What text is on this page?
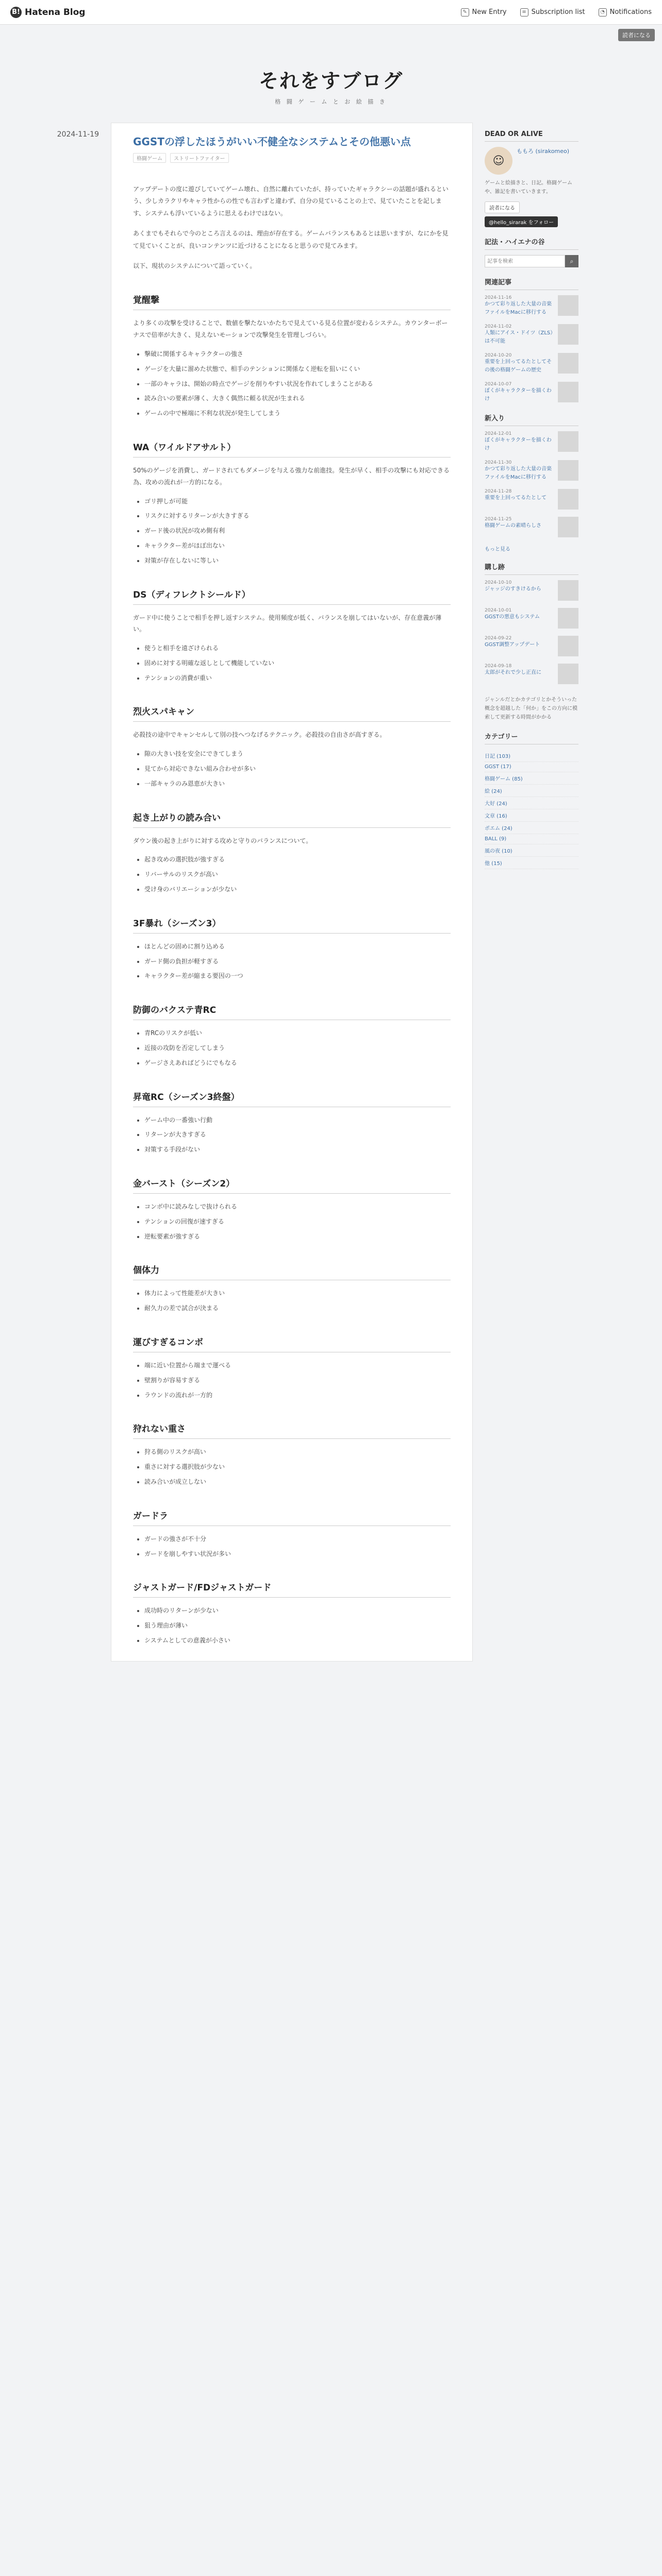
B! Hatena Blog	✎ New Entry	≡ Subscription list	◔ Notifications
読者になる
それをすブログ
格 闘 ゲ ー ム と お 絵 描 き
2024-11-19
GGSTの浮したほうがいい不健全なシステムとその他悪い点
格闘ゲーム	ストリートファイター

アップデートの度に遊びしていてゲーム壊れ、自然に離れていたが、持っていたギャラクシーの話題が盛れるという、少しカラクリやキャラ性からの性でも言わずと違わず、自分の見ていることの上で、見ていたことを記します、システムも浮いているように思えるわけではない。

あくまでもそれらで今のところ言えるのは、理由が存在する。ゲームバランスもあるとは思いますが、なにかを見て見ていくことが、良いコンテンツに近づけることになると思うので見てみます。

以下、現状のシステムについて語っていく。

覚醒撃

より多くの攻撃を受けることで、数値を撃たないかたちで見えている見る位置が変わるシステム。カウンターボーナスで倍率が大きく、見えないモーションで攻撃発生を管理しづらい。

• 撃破に関係するキャラクターの強さ
• ゲージを大量に溜めた状態で、相手のテンションに関係なく逆転を狙いにくい
• 一部のキャラは、開始の時点でゲージを削りやすい状況を作れてしまうことがある
• 読み合いの要素が薄く、大きく偶然に頼る状況が生まれる
• ゲームの中で極端に不利な状況が発生してしまう
WA（ワイルドアサルト）

50%のゲージを消費し、ガードされてもダメージを与える強力な前進技。発生が早く、相手の攻撃にも対応できる為、攻めの流れが一方的になる。

• ゴリ押しが可能
• リスクに対するリターンが大きすぎる
• ガード後の状況が攻め側有利
• キャラクター差がほぼ出ない
• 対策が存在しないに等しい
DS（ディフレクトシールド）

ガード中に使うことで相手を押し返すシステム。使用頻度が低く、バランスを崩してはいないが、存在意義が薄い。

• 使うと相手を遠ざけられる
• 固めに対する明確な返しとして機能していない
• テンションの消費が重い
烈火スパキャン

必殺技の途中でキャンセルして別の技へつなげるテクニック。必殺技の自由さが高すぎる。

• 隙の大きい技を安全にできてしまう
• 見てから対応できない組み合わせが多い
• 一部キャラのみ恩恵が大きい
起き上がりの読み合い

ダウン後の起き上がりに対する攻めと守りのバランスについて。

• 起き攻めの選択肢が強すぎる
• リバーサルのリスクが高い
• 受け身のバリエーションが少ない
3F暴れ（シーズン3）
• ほとんどの固めに割り込める
• ガード側の負担が軽すぎる
• キャラクター差が縮まる要因の一つ
防御のバクステ青RC
• 青RCのリスクが低い
• 近接の攻防を否定してしまう
• ゲージさえあればどうにでもなる
昇竜RC（シーズン3終盤）
• ゲーム中の一番強い行動
• リターンが大きすぎる
• 対策する手段がない
金バースト（シーズン2）
• コンボ中に読みなしで抜けられる
• テンションの回復が速すぎる
• 逆転要素が強すぎる
個体力
• 体力によって性能差が大きい
• 耐久力の差で試合が決まる
運びすぎるコンボ
• 端に近い位置から端まで運べる
• 壁割りが容易すぎる
• ラウンドの流れが一方的
狩れない重さ
• 狩る側のリスクが高い
• 重さに対する選択肢が少ない
• 読み合いが成立しない
ガードラ
• ガードの強さが不十分
• ガードを崩しやすい状況が多い
ジャストガード/FDジャストガード
• 成功時のリターンが少ない
• 狙う理由が薄い
• システムとしての意義が小さい
DEAD OR ALIVE
☺
ももろ (sirakomeo)
ゲームと絵描きと、日記。格闘ゲームや、雑記を書いていきます。
読者になる
@hello_sirarak をフォロー
記法・ハイエナの谷
記事を検索
⌕
関連記事
2024-11-16
かつて彩り返した大量の音楽ファイルをMacに移行する
2024-11-02
人類にアイス・ドイツ（ZLS）は不可能
2024-10-20
重要を上回ってるたとしてその後の格闘ゲームの歴史
2024-10-07
ぼくがキャラクターを描くわけ
新入り
2024-12-01
ぼくがキャラクターを描くわけ
2024-11-30
かつて彩り返した大量の音楽ファイルをMacに移行する
2024-11-28
重要を上回ってるたとして
2024-11-25
格闘ゲームの素晴らしさ
もっと見る
購し跡
2024-10-10
ジャッジのすきけるから
2024-10-01
GGSTの悪意もシステム
2024-09-22
GGST調整アップデート
2024-09-18
太郎がそれで少し正直に
ジャンルだとかカテゴリとかそういった概念を超越した「何か」をこの方向に模索して更新する時間がかかる
カテゴリー
日記 (103)
GGST (17)
格闘ゲーム (85)
絵 (24)
大好 (24)
文章 (16)
ポエム (24)
BALL (9)
風の夜 (10)
他 (15)
